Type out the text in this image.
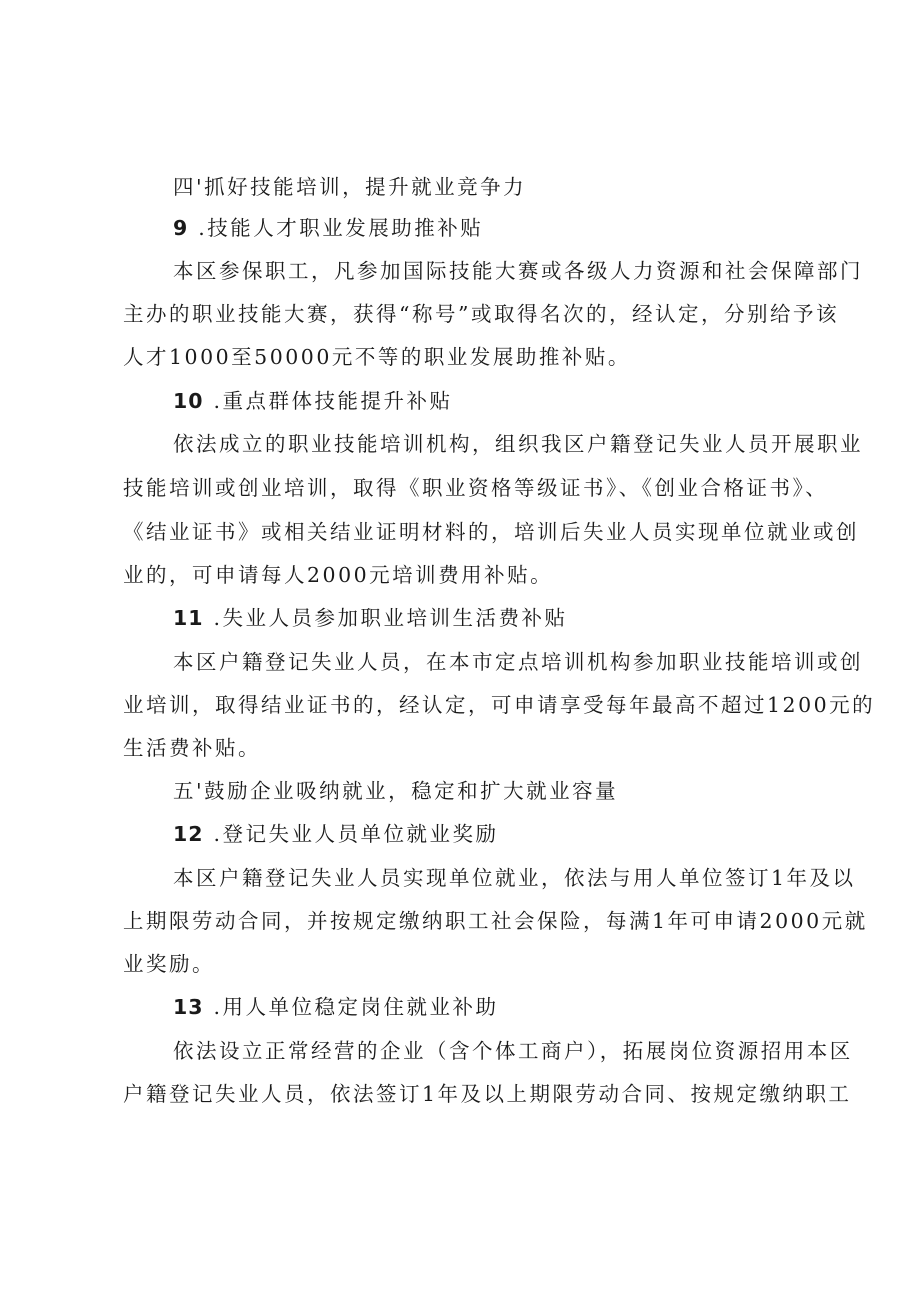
四'抓好技能培训，提升就业竞争力
9 .技能人才职业发展助推补贴
本区参保职工，凡参加国际技能大赛或各级人力资源和社会保障部门
主办的职业技能大赛，获得“称号”或取得名次的，经认定，分别给予该
人才1000至50000元不等的职业发展助推补贴。
10 .重点群体技能提升补贴
依法成立的职业技能培训机构，组织我区户籍登记失业人员开展职业
技能培训或创业培训，取得《职业资格等级证书》、《创业合格证书》、
《结业证书》或相关结业证明材料的，培训后失业人员实现单位就业或创
业的，可申请每人2000元培训费用补贴。
11 .失业人员参加职业培训生活费补贴
本区户籍登记失业人员，在本市定点培训机构参加职业技能培训或创
业培训，取得结业证书的，经认定，可申请享受每年最高不超过1200元的
生活费补贴。
五'鼓励企业吸纳就业，稳定和扩大就业容量
12 .登记失业人员单位就业奖励
本区户籍登记失业人员实现单位就业，依法与用人单位签订1年及以
上期限劳动合同，并按规定缴纳职工社会保险，每满1年可申请2000元就
业奖励。
13 .用人单位稳定岗住就业补助
依法设立正常经营的企业（含个体工商户），拓展岗位资源招用本区
户籍登记失业人员，依法签订1年及以上期限劳动合同、按规定缴纳职工
